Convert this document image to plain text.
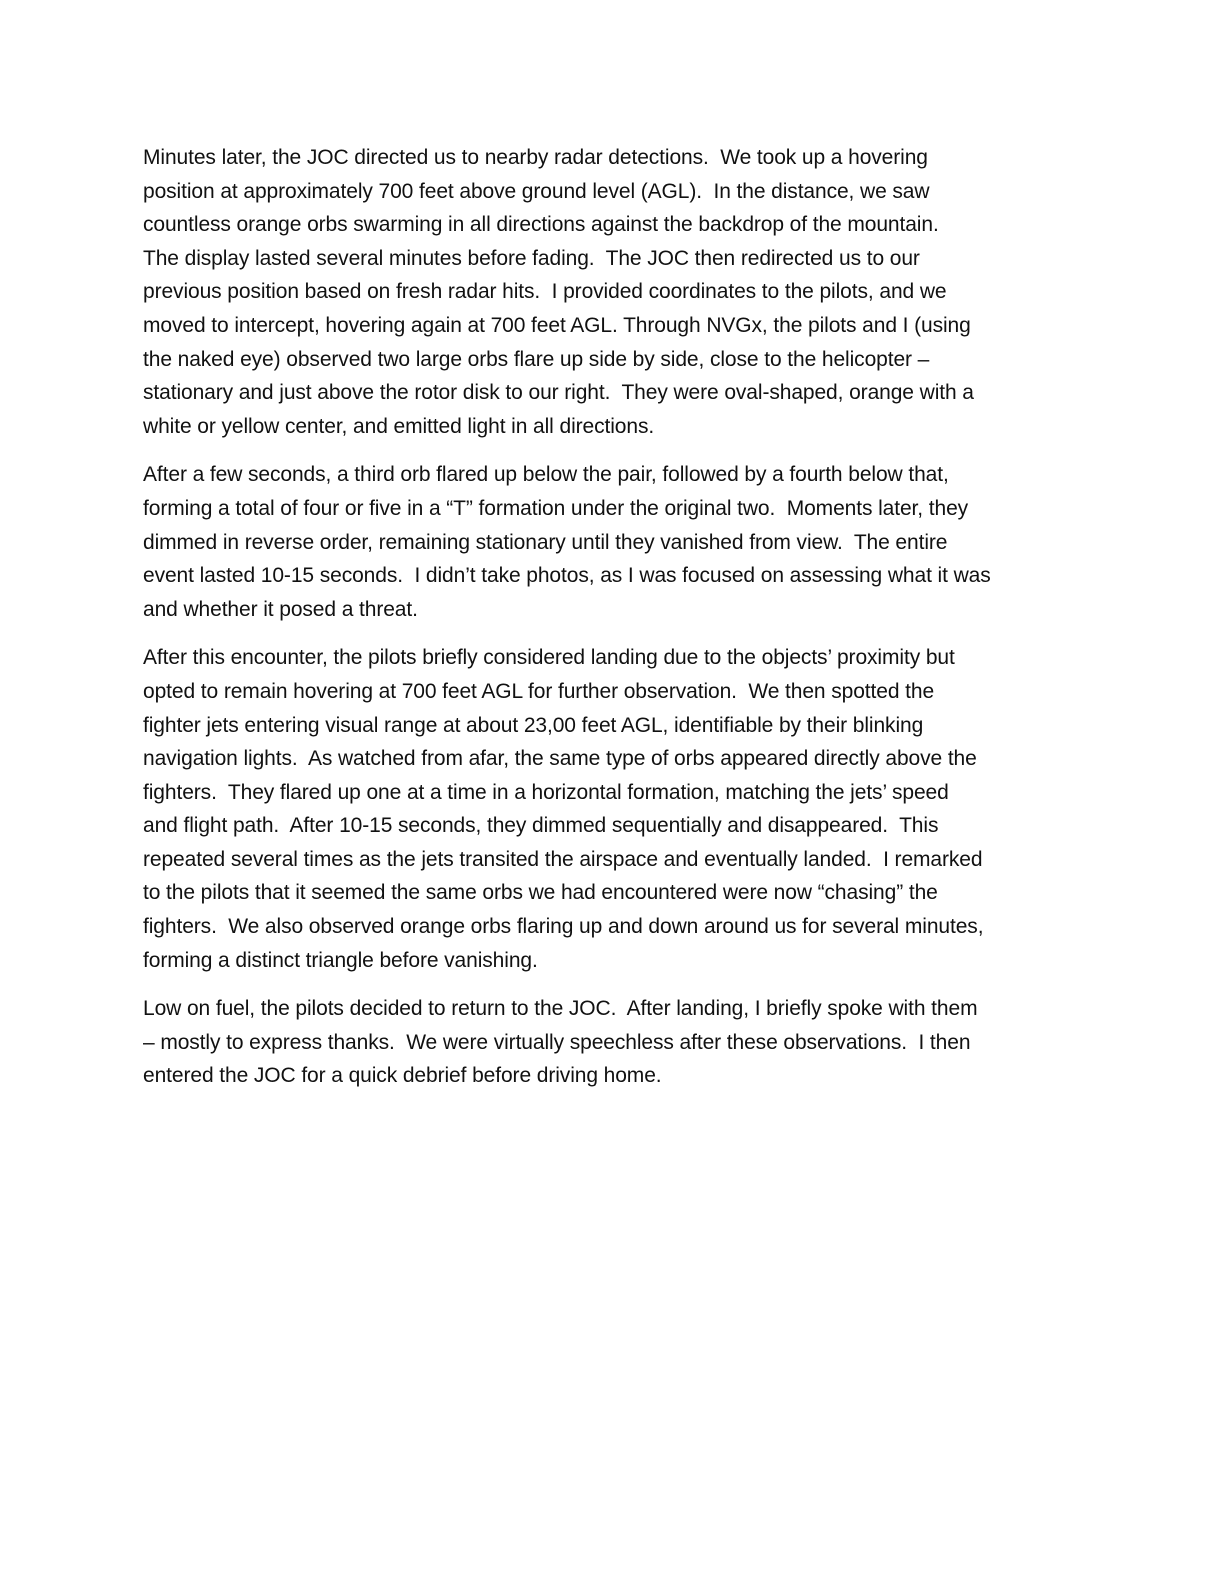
Minutes later, the JOC directed us to nearby radar detections.  We took up a hovering
position at approximately 700 feet above ground level (AGL).  In the distance, we saw
countless orange orbs swarming in all directions against the backdrop of the mountain.
The display lasted several minutes before fading.  The JOC then redirected us to our
previous position based on fresh radar hits.  I provided coordinates to the pilots, and we
moved to intercept, hovering again at 700 feet AGL. Through NVGx, the pilots and I (using
the naked eye) observed two large orbs flare up side by side, close to the helicopter –
stationary and just above the rotor disk to our right.  They were oval-shaped, orange with a
white or yellow center, and emitted light in all directions.

After a few seconds, a third orb flared up below the pair, followed by a fourth below that,
forming a total of four or five in a “T” formation under the original two.  Moments later, they
dimmed in reverse order, remaining stationary until they vanished from view.  The entire
event lasted 10-15 seconds.  I didn’t take photos, as I was focused on assessing what it was
and whether it posed a threat.

After this encounter, the pilots briefly considered landing due to the objects’ proximity but
opted to remain hovering at 700 feet AGL for further observation.  We then spotted the
fighter jets entering visual range at about 23,00 feet AGL, identifiable by their blinking
navigation lights.  As watched from afar, the same type of orbs appeared directly above the
fighters.  They flared up one at a time in a horizontal formation, matching the jets’ speed
and flight path.  After 10-15 seconds, they dimmed sequentially and disappeared.  This
repeated several times as the jets transited the airspace and eventually landed.  I remarked
to the pilots that it seemed the same orbs we had encountered were now “chasing” the
fighters.  We also observed orange orbs flaring up and down around us for several minutes,
forming a distinct triangle before vanishing.

Low on fuel, the pilots decided to return to the JOC.  After landing, I briefly spoke with them
– mostly to express thanks.  We were virtually speechless after these observations.  I then
entered the JOC for a quick debrief before driving home.
